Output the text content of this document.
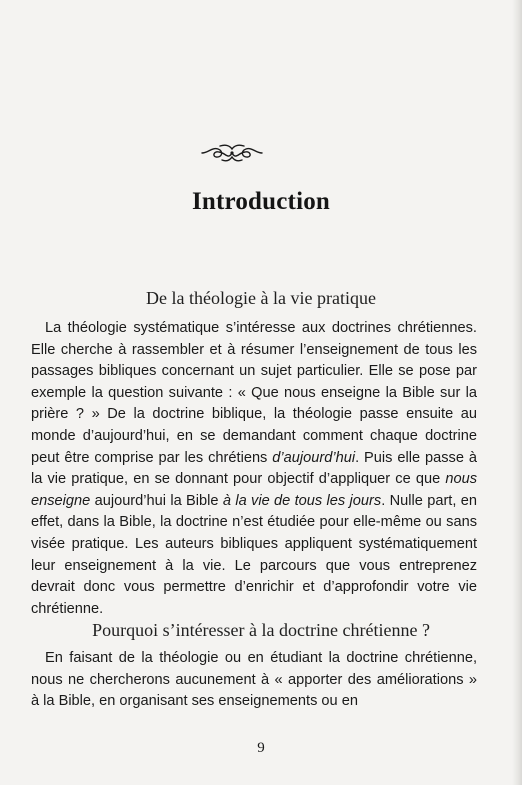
Introduction
De la théologie à la vie pratique

La théologie systématique s’intéresse aux doctrines chrétiennes. Elle cherche à rassembler et à résumer l’enseignement de tous les passages bibliques concernant un sujet particulier. Elle se pose par exemple la question suivante : « Que nous enseigne la Bible sur la prière ? » De la doctrine biblique, la théologie passe ensuite au monde d’aujourd’hui, en se demandant comment chaque doctrine peut être comprise par les chrétiens d’aujourd’hui. Puis elle passe à la vie pratique, en se donnant pour objectif d’appliquer ce que nous enseigne aujourd’hui la Bible à la vie de tous les jours. Nulle part, en effet, dans la Bible, la doctrine n’est étudiée pour elle-même ou sans visée pratique. Les auteurs bibliques appliquent systématiquement leur enseignement à la vie. Le parcours que vous entreprenez devrait donc vous permettre d’enrichir et d’approfondir votre vie chrétienne.

Pourquoi s’intéresser à la doctrine chrétienne ?

En faisant de la théologie ou en étudiant la doctrine chrétienne, nous ne chercherons aucunement à « apporter des améliorations » à la Bible, en organisant ses enseignements ou en

9
